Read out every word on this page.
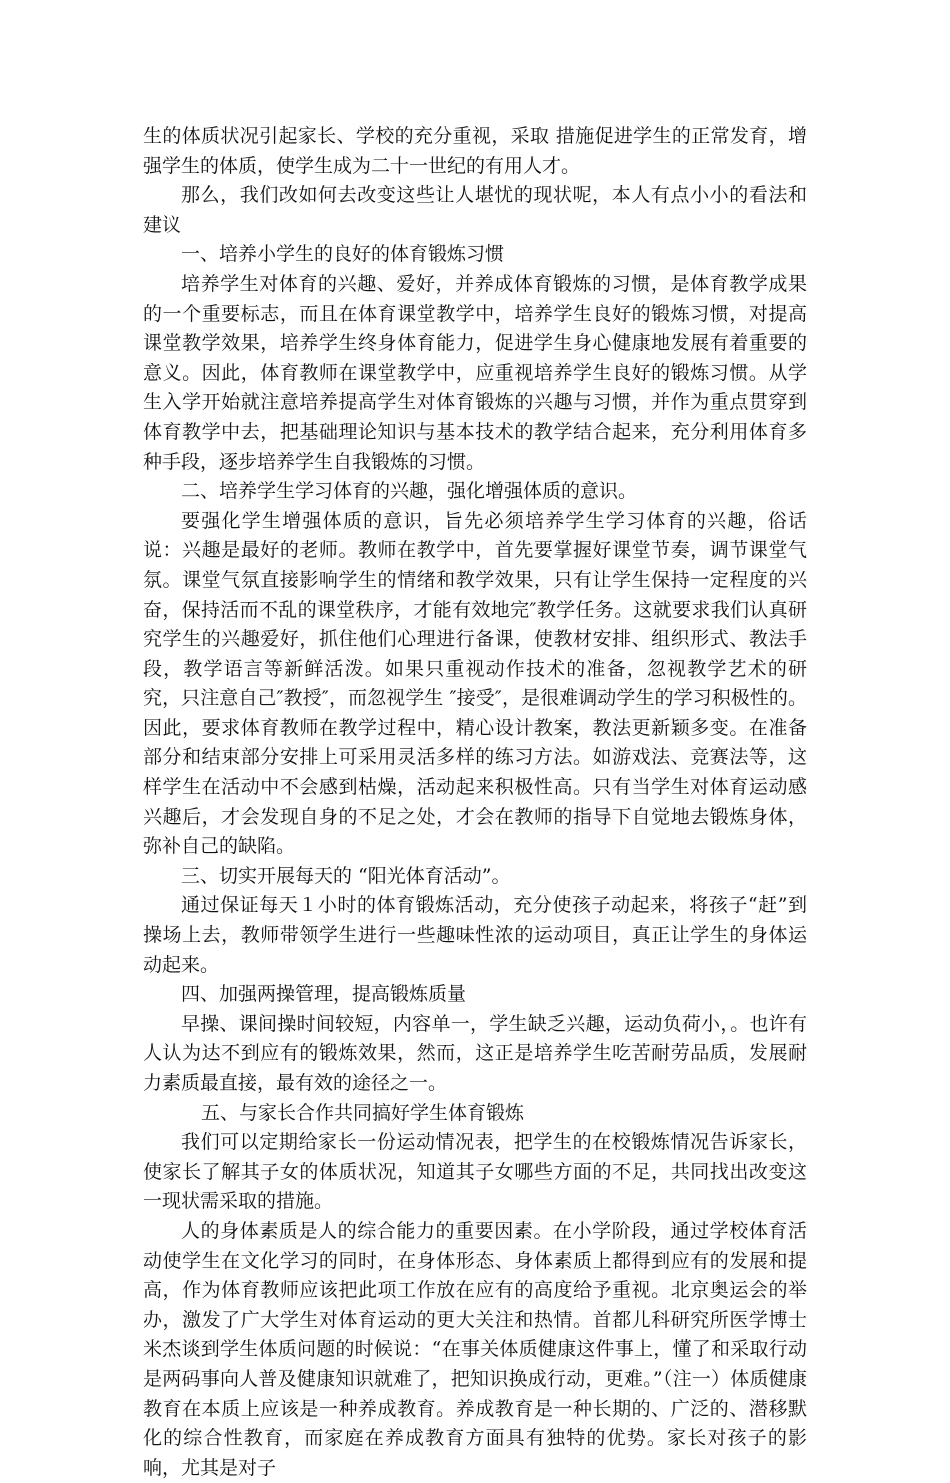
生的体质状况引起家长、学校的充分重视，采取 措施促进学生的正常发育，增强学生的体质，使学生成为二十一世纪的有用人才。

那么，我们改如何去改变这些让人堪忧的现状呢，本人有点小小的看法和建议

一、培养小学生的良好的体育锻炼习惯

培养学生对体育的兴趣、爱好，并养成体育锻炼的习惯，是体育教学成果的一个重要标志，而且在体育课堂教学中，培养学生良好的锻炼习惯，对提高课堂教学效果，培养学生终身体育能力，促进学生身心健康地发展有着重要的意义。因此，体育教师在课堂教学中，应重视培养学生良好的锻炼习惯。从学生入学开始就注意培养提高学生对体育锻炼的兴趣与习惯，并作为重点贯穿到体育教学中去，把基础理论知识与基本技术的教学结合起来，充分利用体育多种手段，逐步培养学生自我锻炼的习惯。

二、培养学生学习体育的兴趣，强化增强体质的意识。

要强化学生增强体质的意识，旨先必须培养学生学习体育的兴趣，俗话说：兴趣是最好的老师。教师在教学中，首先要掌握好课堂节奏，调节课堂气氛。课堂气氛直接影响学生的情绪和教学效果，只有让学生保持一定程度的兴奋，保持活而不乱的课堂秩序，才能有效地完″教学任务。这就要求我们认真研究学生的兴趣爱好，抓住他们心理进行备课，使教材安排、组织形式、教法手段，教学语言等新鲜活泼。如果只重视动作技术的准备，忽视教学艺术的研究，只注意自己″教授″，而忽视学生 ″接受″，是很难调动学生的学习积极性的。因此，要求体育教师在教学过程中，精心设计教案，教法更新颖多变。在准备部分和结束部分安排上可采用灵活多样的练习方法。如游戏法、竞赛法等，这样学生在活动中不会感到枯燥，活动起来积极性高。只有当学生对体育运动感兴趣后，才会发现自身的不足之处，才会在教师的指导下自觉地去锻炼身体，弥补自己的缺陷。

三、切实开展每天的 “阳光体育活动”。

通过保证每天１小时的体育锻炼活动，充分使孩子动起来，将孩子“赶”到操场上去，教师带领学生进行一些趣味性浓的运动项目，真正让学生的身体运动起来。

四、加强两操管理，提高锻炼质量

早操、课间操时间较短，内容单一，学生缺乏兴趣，运动负荷小，。也许有人认为达不到应有的锻炼效果，然而，这正是培养学生吃苦耐劳品质，发展耐力素质最直接，最有效的途径之一。

五、与家长合作共同搞好学生体育锻炼

我们可以定期给家长一份运动情况表，把学生的在校锻炼情况告诉家长，使家长了解其子女的体质状况，知道其子女哪些方面的不足，共同找出改变这一现状需采取的措施。

人的身体素质是人的综合能力的重要因素。在小学阶段，通过学校体育活动使学生在文化学习的同时，在身体形态、身体素质上都得到应有的发展和提高，作为体育教师应该把此项工作放在应有的高度给予重视。北京奥运会的举办，激发了广大学生对体育运动的更大关注和热情。首都儿科研究所医学博士米杰谈到学生体质问题的时候说：“在事关体质健康这件事上，懂了和采取行动是两码事向人普及健康知识就难了，把知识换成行动，更难。”（注一）体质健康教育在本质上应该是一种养成教育。养成教育是一种长期的、广泛的、潜移默化的综合性教育，而家庭在养成教育方面具有独特的优势。家长对孩子的影响，尤其是对子
